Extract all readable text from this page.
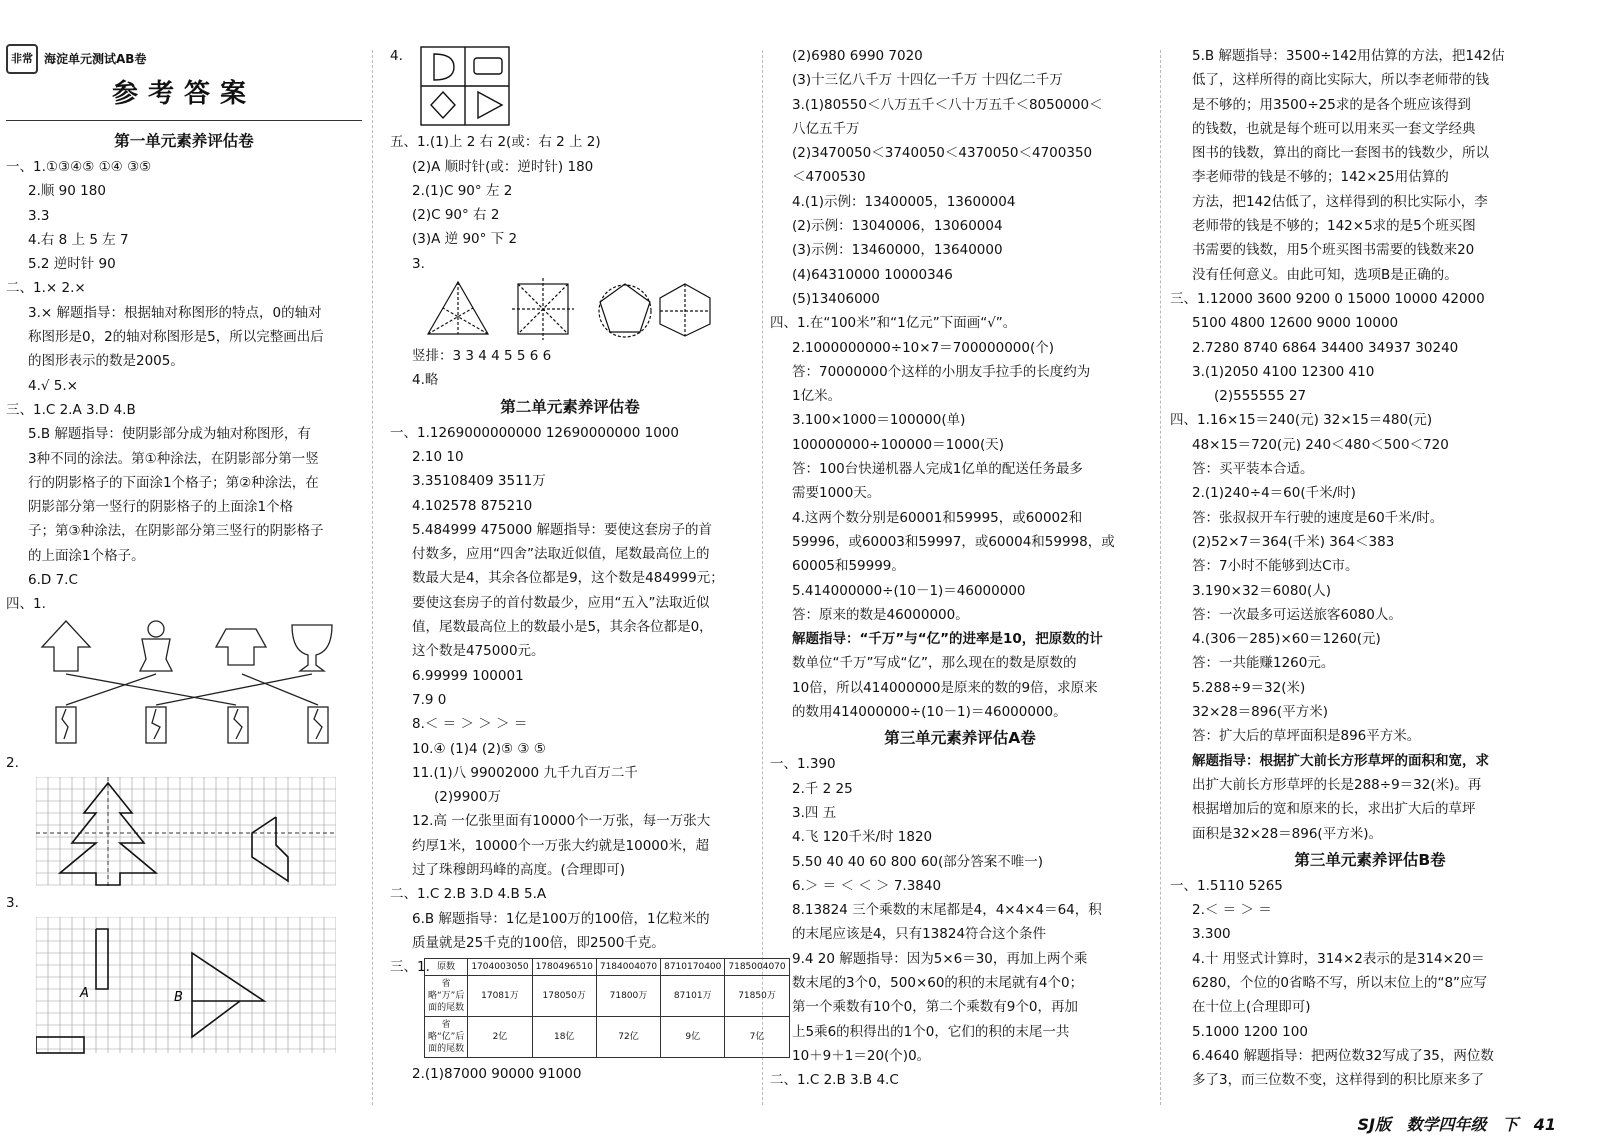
非常 海淀单元测试AB卷
参考答案
第一单元素养评估卷
一、1.①③④⑤ ①④ ③⑤
2.顺 90 180
3.3
4.右 8 上 5 左 7
5.2 逆时针 90
二、1.× 2.×
3.× 解题指导：根据轴对称图形的特点，0的轴对
称图形是0，2的轴对称图形是5，所以完整画出后
的图形表示的数是2005。
4.√ 5.×
三、1.C 2.A 3.D 4.B
5.B 解题指导：使阴影部分成为轴对称图形，有
3种不同的涂法。第①种涂法，在阴影部分第一竖
行的阴影格子的下面涂1个格子；第②种涂法，在
阴影部分第一竖行的阴影格子的上面涂1个格
子；第③种涂法，在阴影部分第三竖行的阴影格子
的上面涂1个格子。
6.D 7.C
四、1.
2.
3.
A	B
4.
五、1.(1)上 2 右 2(或：右 2 上 2)
(2)A 顺时针(或：逆时针) 180
2.(1)C 90° 左 2
(2)C 90° 右 2
(3)A 逆 90° 下 2
3.
竖排：3 3 4 4 5 5 6 6
4.略
第二单元素养评估卷
一、1.1269000000000 12690000000 1000
2.10 10
3.35108409 3511万
4.102578 875210
5.484999 475000 解题指导：要使这套房子的首
付数多，应用“四舍”法取近似值，尾数最高位上的
数最大是4，其余各位都是9，这个数是484999元；
要使这套房子的首付数最少，应用“五入”法取近似
值，尾数最高位上的数最小是5，其余各位都是0，
这个数是475000元。
6.99999 100001
7.9 0
8.＜ ＝ ＞ ＞ ＞ ＝
10.④ (1)4 (2)⑤ ③ ⑤
11.(1)八 99002000 九千九百万二千
(2)9900万
12.高 一亿张里面有10000个一万张，每一万张大
约厚1米，10000个一万张大约就是10000米，超
过了珠穆朗玛峰的高度。(合理即可)
二、1.C 2.B 3.D 4.B 5.A
6.B 解题指导：1亿是100万的100倍，1亿粒米的
质量就是25千克的100倍，即2500千克。
三、1. 原数	1704003050	1780496510	7184004070	8710170400	7185004070
省略“万”后面的尾数	17081万	178050万	71800万	87101万	71850万
省略“亿”后面的尾数	2亿	18亿	72亿	9亿	7亿
2.(1)87000 90000 91000
(2)6980 6990 7020
(3)十三亿八千万 十四亿一千万 十四亿二千万
3.(1)80550＜八万五千＜八十万五千＜8050000＜
八亿五千万
(2)3470050＜3740050＜4370050＜4700350
＜4700530
4.(1)示例：13400005，13600004
(2)示例：13040006，13060004
(3)示例：13460000，13640000
(4)64310000 10000346
(5)13406000
四、1.在“100米”和“1亿元”下面画“√”。
2.1000000000÷10×7＝700000000(个)
答：70000000个这样的小朋友手拉手的长度约为
1亿米。
3.100×1000＝100000(单)
100000000÷100000＝1000(天)
答：100台快递机器人完成1亿单的配送任务最多
需要1000天。
4.这两个数分别是60001和59995，或60002和
59996，或60003和59997，或60004和59998，或
60005和59999。
5.414000000÷(10－1)＝46000000
答：原来的数是46000000。
解题指导：“千万”与“亿”的进率是10，把原数的计
数单位“千万”写成“亿”，那么现在的数是原数的
10倍，所以414000000是原来的数的9倍，求原来
的数用414000000÷(10－1)＝46000000。
第三单元素养评估A卷
一、1.390
2.千 2 25
3.四 五
4.飞 120千米/时 1820
5.50 40 40 60 800 60(部分答案不唯一)
6.＞ ＝ ＜ ＜ ＞ 7.3840
8.13824 三个乘数的末尾都是4，4×4×4＝64，积
的末尾应该是4，只有13824符合这个条件
9.4 20 解题指导：因为5×6＝30，再加上两个乘
数末尾的3个0，500×60的积的末尾就有4个0；
第一个乘数有10个0，第二个乘数有9个0，再加
上5乘6的积得出的1个0，它们的积的末尾一共
10＋9＋1＝20(个)0。
二、1.C 2.B 3.B 4.C
5.B 解题指导：3500÷142用估算的方法，把142估
低了，这样所得的商比实际大，所以李老师带的钱
是不够的；用3500÷25求的是各个班应该得到
的钱数，也就是每个班可以用来买一套文学经典
图书的钱数，算出的商比一套图书的钱数少，所以
李老师带的钱是不够的；142×25用估算的
方法，把142估低了，这样得到的积比实际小，李
老师带的钱是不够的；142×5求的是5个班买图
书需要的钱数，用5个班买图书需要的钱数来20
没有任何意义。由此可知，选项B是正确的。
三、1.12000 3600 9200 0 15000 10000 42000
5100 4800 12600 9000 10000
2.7280 8740 6864 34400 34937 30240
3.(1)2050 4100 12300 410
(2)555555 27
四、1.16×15＝240(元) 32×15＝480(元)
48×15＝720(元) 240＜480＜500＜720
答：买平装本合适。
2.(1)240÷4＝60(千米/时)
答：张叔叔开车行驶的速度是60千米/时。
(2)52×7＝364(千米) 364＜383
答：7小时不能够到达C市。
3.190×32＝6080(人)
答：一次最多可运送旅客6080人。
4.(306－285)×60＝1260(元)
答：一共能赚1260元。
5.288÷9＝32(米)
32×28＝896(平方米)
答：扩大后的草坪面积是896平方米。
解题指导：根据扩大前长方形草坪的面积和宽，求
出扩大前长方形草坪的长是288÷9＝32(米)。再
根据增加后的宽和原来的长，求出扩大后的草坪
面积是32×28＝896(平方米)。
第三单元素养评估B卷
一、1.5110 5265
2.＜ ＝ ＞ ＝
3.300
4.十 用竖式计算时，314×2表示的是314×20＝
6280，个位的0省略不写，所以末位上的“8”应写
在十位上(合理即可)
5.1000 1200 100
6.4640 解题指导：把两位数32写成了35，两位数
多了3，而三位数不变，这样得到的积比原来多了
SJ版 数学四年级 下 41
